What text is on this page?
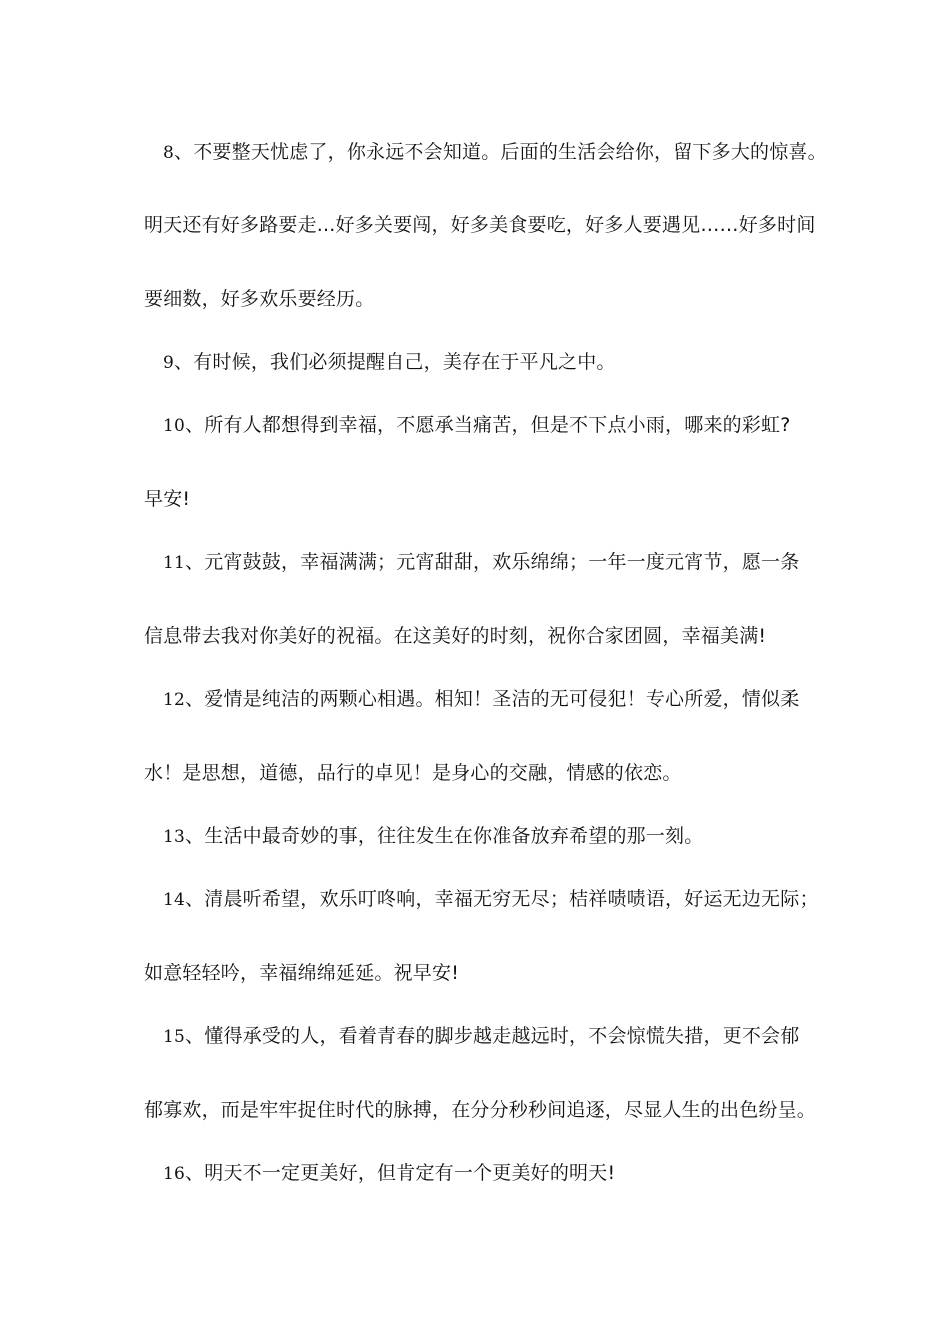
8、不要整天忧虑了，你永远不会知道。后面的生活会给你，留下多大的惊喜。
明天还有好多路要走...好多关要闯，好多美食要吃，好多人要遇见……好多时间
要细数，好多欢乐要经历。
9、有时候，我们必须提醒自己，美存在于平凡之中。
10、所有人都想得到幸福，不愿承当痛苦，但是不下点小雨，哪来的彩虹?
早安!
11、元宵鼓鼓，幸福满满；元宵甜甜，欢乐绵绵；一年一度元宵节，愿一条
信息带去我对你美好的祝福。在这美好的时刻，祝你合家团圆，幸福美满!
12、爱情是纯洁的两颗心相遇。相知！圣洁的无可侵犯！专心所爱，情似柔
水！是思想，道德，品行的卓见！是身心的交融，情感的依恋。
13、生活中最奇妙的事，往往发生在你准备放弃希望的那一刻。
14、清晨听希望，欢乐叮咚响，幸福无穷无尽；桔祥啧啧语，好运无边无际；
如意轻轻吟，幸福绵绵延延。祝早安!
15、懂得承受的人，看着青春的脚步越走越远时，不会惊慌失措，更不会郁
郁寡欢，而是牢牢捉住时代的脉搏，在分分秒秒间追逐，尽显人生的出色纷呈。
16、明天不一定更美好，但肯定有一个更美好的明天!
